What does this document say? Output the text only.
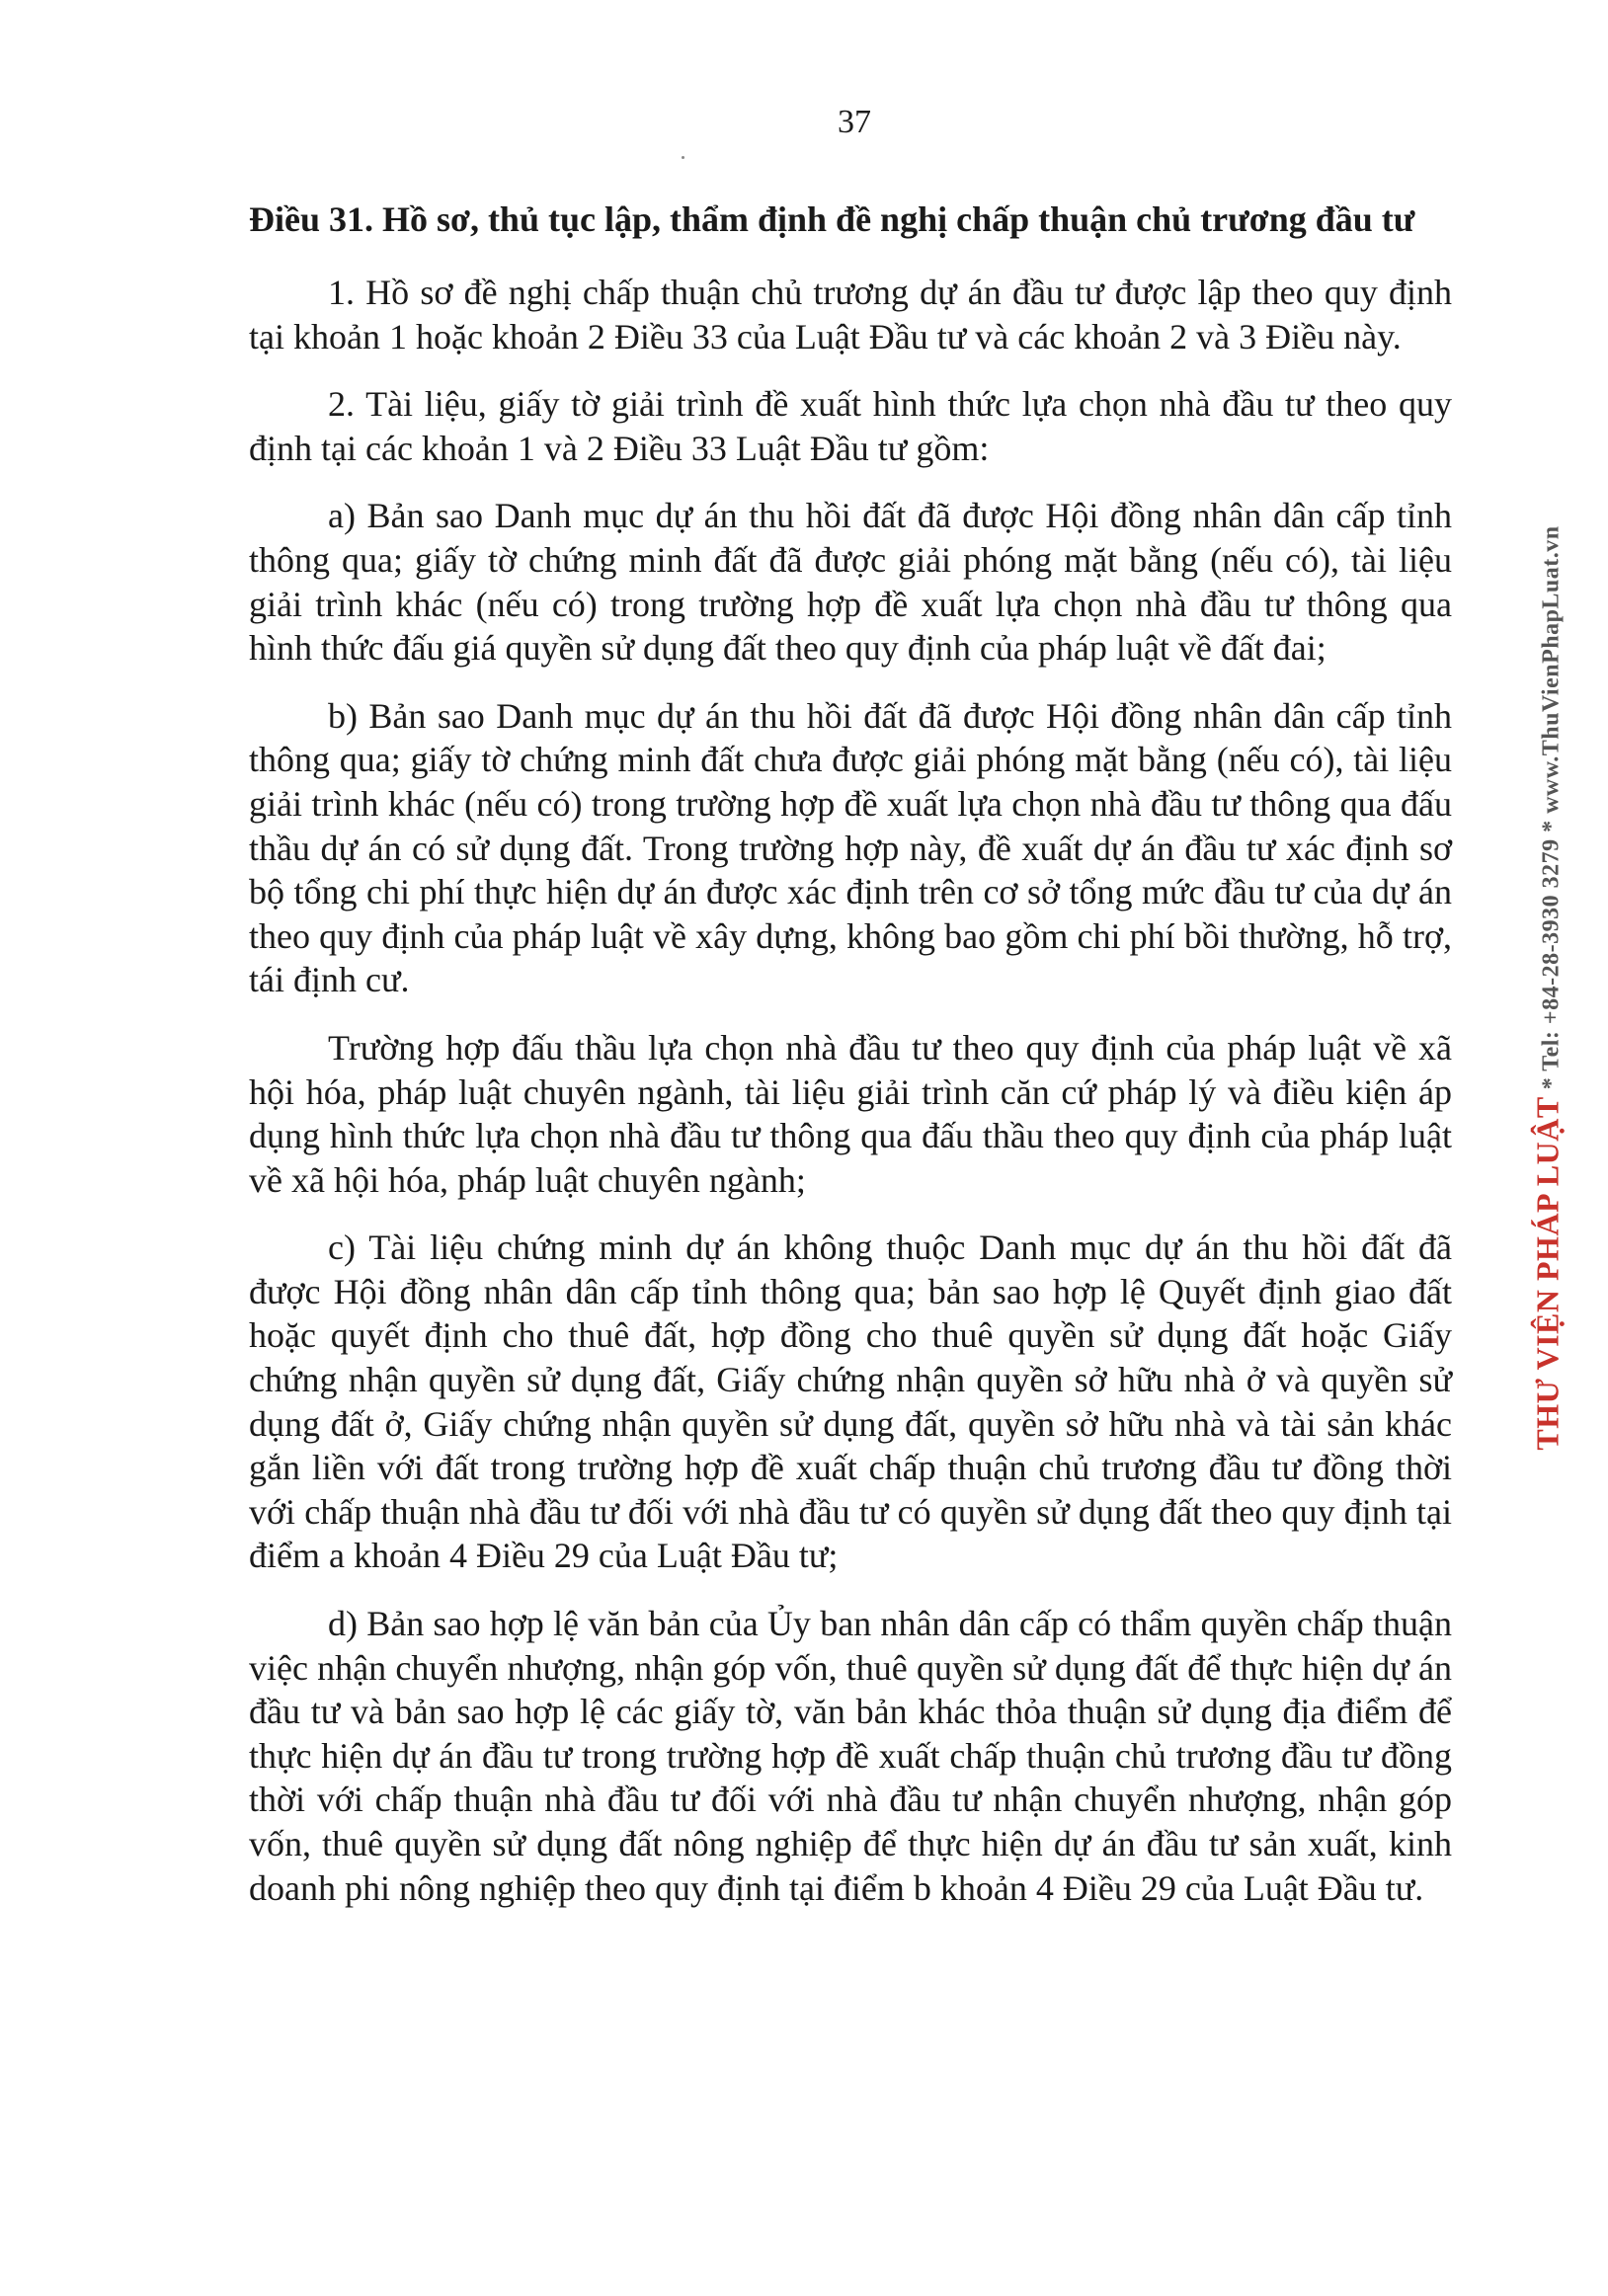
37
Điều 31. Hồ sơ, thủ tục lập, thẩm định đề nghị chấp thuận chủ trương đầu tư

1. Hồ sơ đề nghị chấp thuận chủ trương dự án đầu tư được lập theo quy định tại khoản 1 hoặc khoản 2 Điều 33 của Luật Đầu tư và các khoản 2 và 3 Điều này.

2. Tài liệu, giấy tờ giải trình đề xuất hình thức lựa chọn nhà đầu tư theo quy định tại các khoản 1 và 2 Điều 33 Luật Đầu tư gồm:

a) Bản sao Danh mục dự án thu hồi đất đã được Hội đồng nhân dân cấp tỉnh thông qua; giấy tờ chứng minh đất đã được giải phóng mặt bằng (nếu có), tài liệu giải trình khác (nếu có) trong trường hợp đề xuất lựa chọn nhà đầu tư thông qua hình thức đấu giá quyền sử dụng đất theo quy định của pháp luật về đất đai;

b) Bản sao Danh mục dự án thu hồi đất đã được Hội đồng nhân dân cấp tỉnh thông qua; giấy tờ chứng minh đất chưa được giải phóng mặt bằng (nếu có), tài liệu giải trình khác (nếu có) trong trường hợp đề xuất lựa chọn nhà đầu tư thông qua đấu thầu dự án có sử dụng đất. Trong trường hợp này, đề xuất dự án đầu tư xác định sơ bộ tổng chi phí thực hiện dự án được xác định trên cơ sở tổng mức đầu tư của dự án theo quy định của pháp luật về xây dựng, không bao gồm chi phí bồi thường, hỗ trợ, tái định cư.

Trường hợp đấu thầu lựa chọn nhà đầu tư theo quy định của pháp luật về xã hội hóa, pháp luật chuyên ngành, tài liệu giải trình căn cứ pháp lý và điều kiện áp dụng hình thức lựa chọn nhà đầu tư thông qua đấu thầu theo quy định của pháp luật về xã hội hóa, pháp luật chuyên ngành;

c) Tài liệu chứng minh dự án không thuộc Danh mục dự án thu hồi đất đã được Hội đồng nhân dân cấp tỉnh thông qua; bản sao hợp lệ Quyết định giao đất hoặc quyết định cho thuê đất, hợp đồng cho thuê quyền sử dụng đất hoặc Giấy chứng nhận quyền sử dụng đất, Giấy chứng nhận quyền sở hữu nhà ở và quyền sử dụng đất ở, Giấy chứng nhận quyền sử dụng đất, quyền sở hữu nhà và tài sản khác gắn liền với đất trong trường hợp đề xuất chấp thuận chủ trương đầu tư đồng thời với chấp thuận nhà đầu tư đối với nhà đầu tư có quyền sử dụng đất theo quy định tại điểm a khoản 4 Điều 29 của Luật Đầu tư;

d) Bản sao hợp lệ văn bản của Ủy ban nhân dân cấp có thẩm quyền chấp thuận việc nhận chuyển nhượng, nhận góp vốn, thuê quyền sử dụng đất để thực hiện dự án đầu tư và bản sao hợp lệ các giấy tờ, văn bản khác thỏa thuận sử dụng địa điểm để thực hiện dự án đầu tư trong trường hợp đề xuất chấp thuận chủ trương đầu tư đồng thời với chấp thuận nhà đầu tư đối với nhà đầu tư nhận chuyển nhượng, nhận góp vốn, thuê quyền sử dụng đất nông nghiệp để thực hiện dự án đầu tư sản xuất, kinh doanh phi nông nghiệp theo quy định tại điểm b khoản 4 Điều 29 của Luật Đầu tư.

THƯ VIỆN PHÁP LUẬT * Tel: +84-28-3930 3279 * www.ThuVienPhapLuat.vn
